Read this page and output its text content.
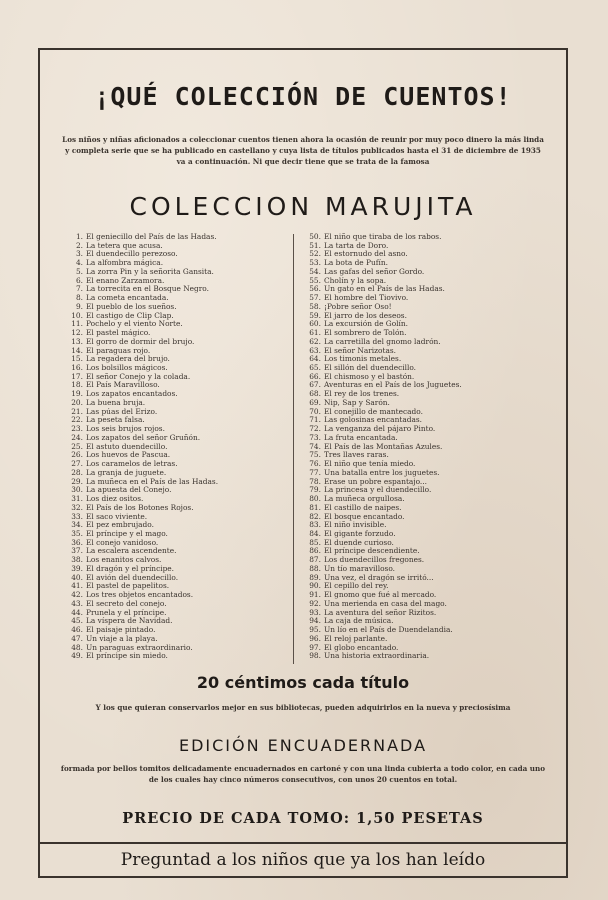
¡QUÉ COLECCIÓN DE CUENTOS!
Los niños y niñas aficionados a coleccionar cuentos tienen ahora la ocasión de reunir por muy poco dinero la más linda y completa serie que se ha publicado en castellano y cuya lista de títulos publicados hasta el 31 de diciembre de 1935 va a continuación. Ni que decir tiene que se trata de la famosa
COLECCION MARUJITA
1. El geniecillo del País de las Hadas.
2. La tetera que acusa.
3. El duendecillo perezoso.
4. La alfombra mágica.
5. La zorra Pin y la señorita Gansita.
6. El enano Zarzamora.
7. La torrecita en el Bosque Negro.
8. La cometa encantada.
9. El pueblo de los sueños.
10. El castigo de Clip Clap.
11. Pochelo y el viento Norte.
12. El pastel mágico.
13. El gorro de dormir del brujo.
14. El paraguas rojo.
15. La regadera del brujo.
16. Los bolsillos mágicos.
17. El señor Conejo y la colada.
18. El País Maravilloso.
19. Los zapatos encantados.
20. La buena bruja.
21. Las púas del Erizo.
22. La peseta falsa.
23. Los seis brujos rojos.
24. Los zapatos del señor Gruñón.
25. El astuto duendecillo.
26. Los huevos de Pascua.
27. Los caramelos de letras.
28. La granja de juguete.
29. La muñeca en el País de las Hadas.
30. La apuesta del Conejo.
31. Los diez ositos.
32. El País de los Botones Rojos.
33. El saco viviente.
34. El pez embrujado.
35. El príncipe y el mago.
36. El conejo vanidoso.
37. La escalera ascendente.
38. Los enanitos calvos.
39. El dragón y el príncipe.
40. El avión del duendecillo.
41. El pastel de papelitos.
42. Los tres objetos encantados.
43. El secreto del conejo.
44. Prunela y el príncipe.
45. La víspera de Navidad.
46. El paisaje pintado.
47. Un viaje a la playa.
48. Un paraguas extraordinario.
49. El príncipe sin miedo.
50. El niño que tiraba de los rabos.
51. La tarta de Doro.
52. El estornudo del asno.
53. La bota de Pufín.
54. Las gafas del señor Gordo.
55. Cholín y la sopa.
56. Un gato en el País de las Hadas.
57. El hombre del Tiovivo.
58. ¡Pobre señor Oso!
59. El jarro de los deseos.
60. La excursión de Golín.
61. El sombrero de Tolón.
62. La carretilla del gnomo ladrón.
63. El señor Narizotas.
64. Los timonis metales.
65. El sillón del duendecillo.
66. El chismoso y el bastón.
67. Aventuras en el País de los Juguetes.
68. El rey de los trenes.
69. Nip, Sap y Sarón.
70. El conejillo de mantecado.
71. Las golosinas encantadas.
72. La venganza del pájaro Pinto.
73. La fruta encantada.
74. El País de las Montañas Azules.
75. Tres llaves raras.
76. El niño que tenía miedo.
77. Una batalla entre los juguetes.
78. Érase un pobre espantajo...
79. La princesa y el duendecillo.
80. La muñeca orgullosa.
81. El castillo de naipes.
82. El bosque encantado.
83. El niño invisible.
84. El gigante forzudo.
85. El duende curioso.
86. El príncipe descendiente.
87. Los duendecillos fregones.
88. Un tío maravilloso.
89. Una vez, el dragón se irritó...
90. El cepillo del rey.
91. El gnomo que fué al mercado.
92. Una merienda en casa del mago.
93. La aventura del señor Rizitos.
94. La caja de música.
95. Un lío en el País de Duendelandia.
96. El reloj parlante.
97. El globo encantado.
98. Una historia extraordinaria.
20 céntimos cada título
Y los que quieran conservarlos mejor en sus bibliotecas, pueden adquirirlos en la nueva y preciosísima
EDICIÓN ENCUADERNADA
formada por bellos tomitos delicadamente encuadernados en cartoné y con una linda cubierta a todo color, en cada uno de los cuales hay cinco números consecutivos, con unos 20 cuentos en total.
PRECIO DE CADA TOMO: 1,50 PESETAS
Preguntad a los niños que ya los han leído
